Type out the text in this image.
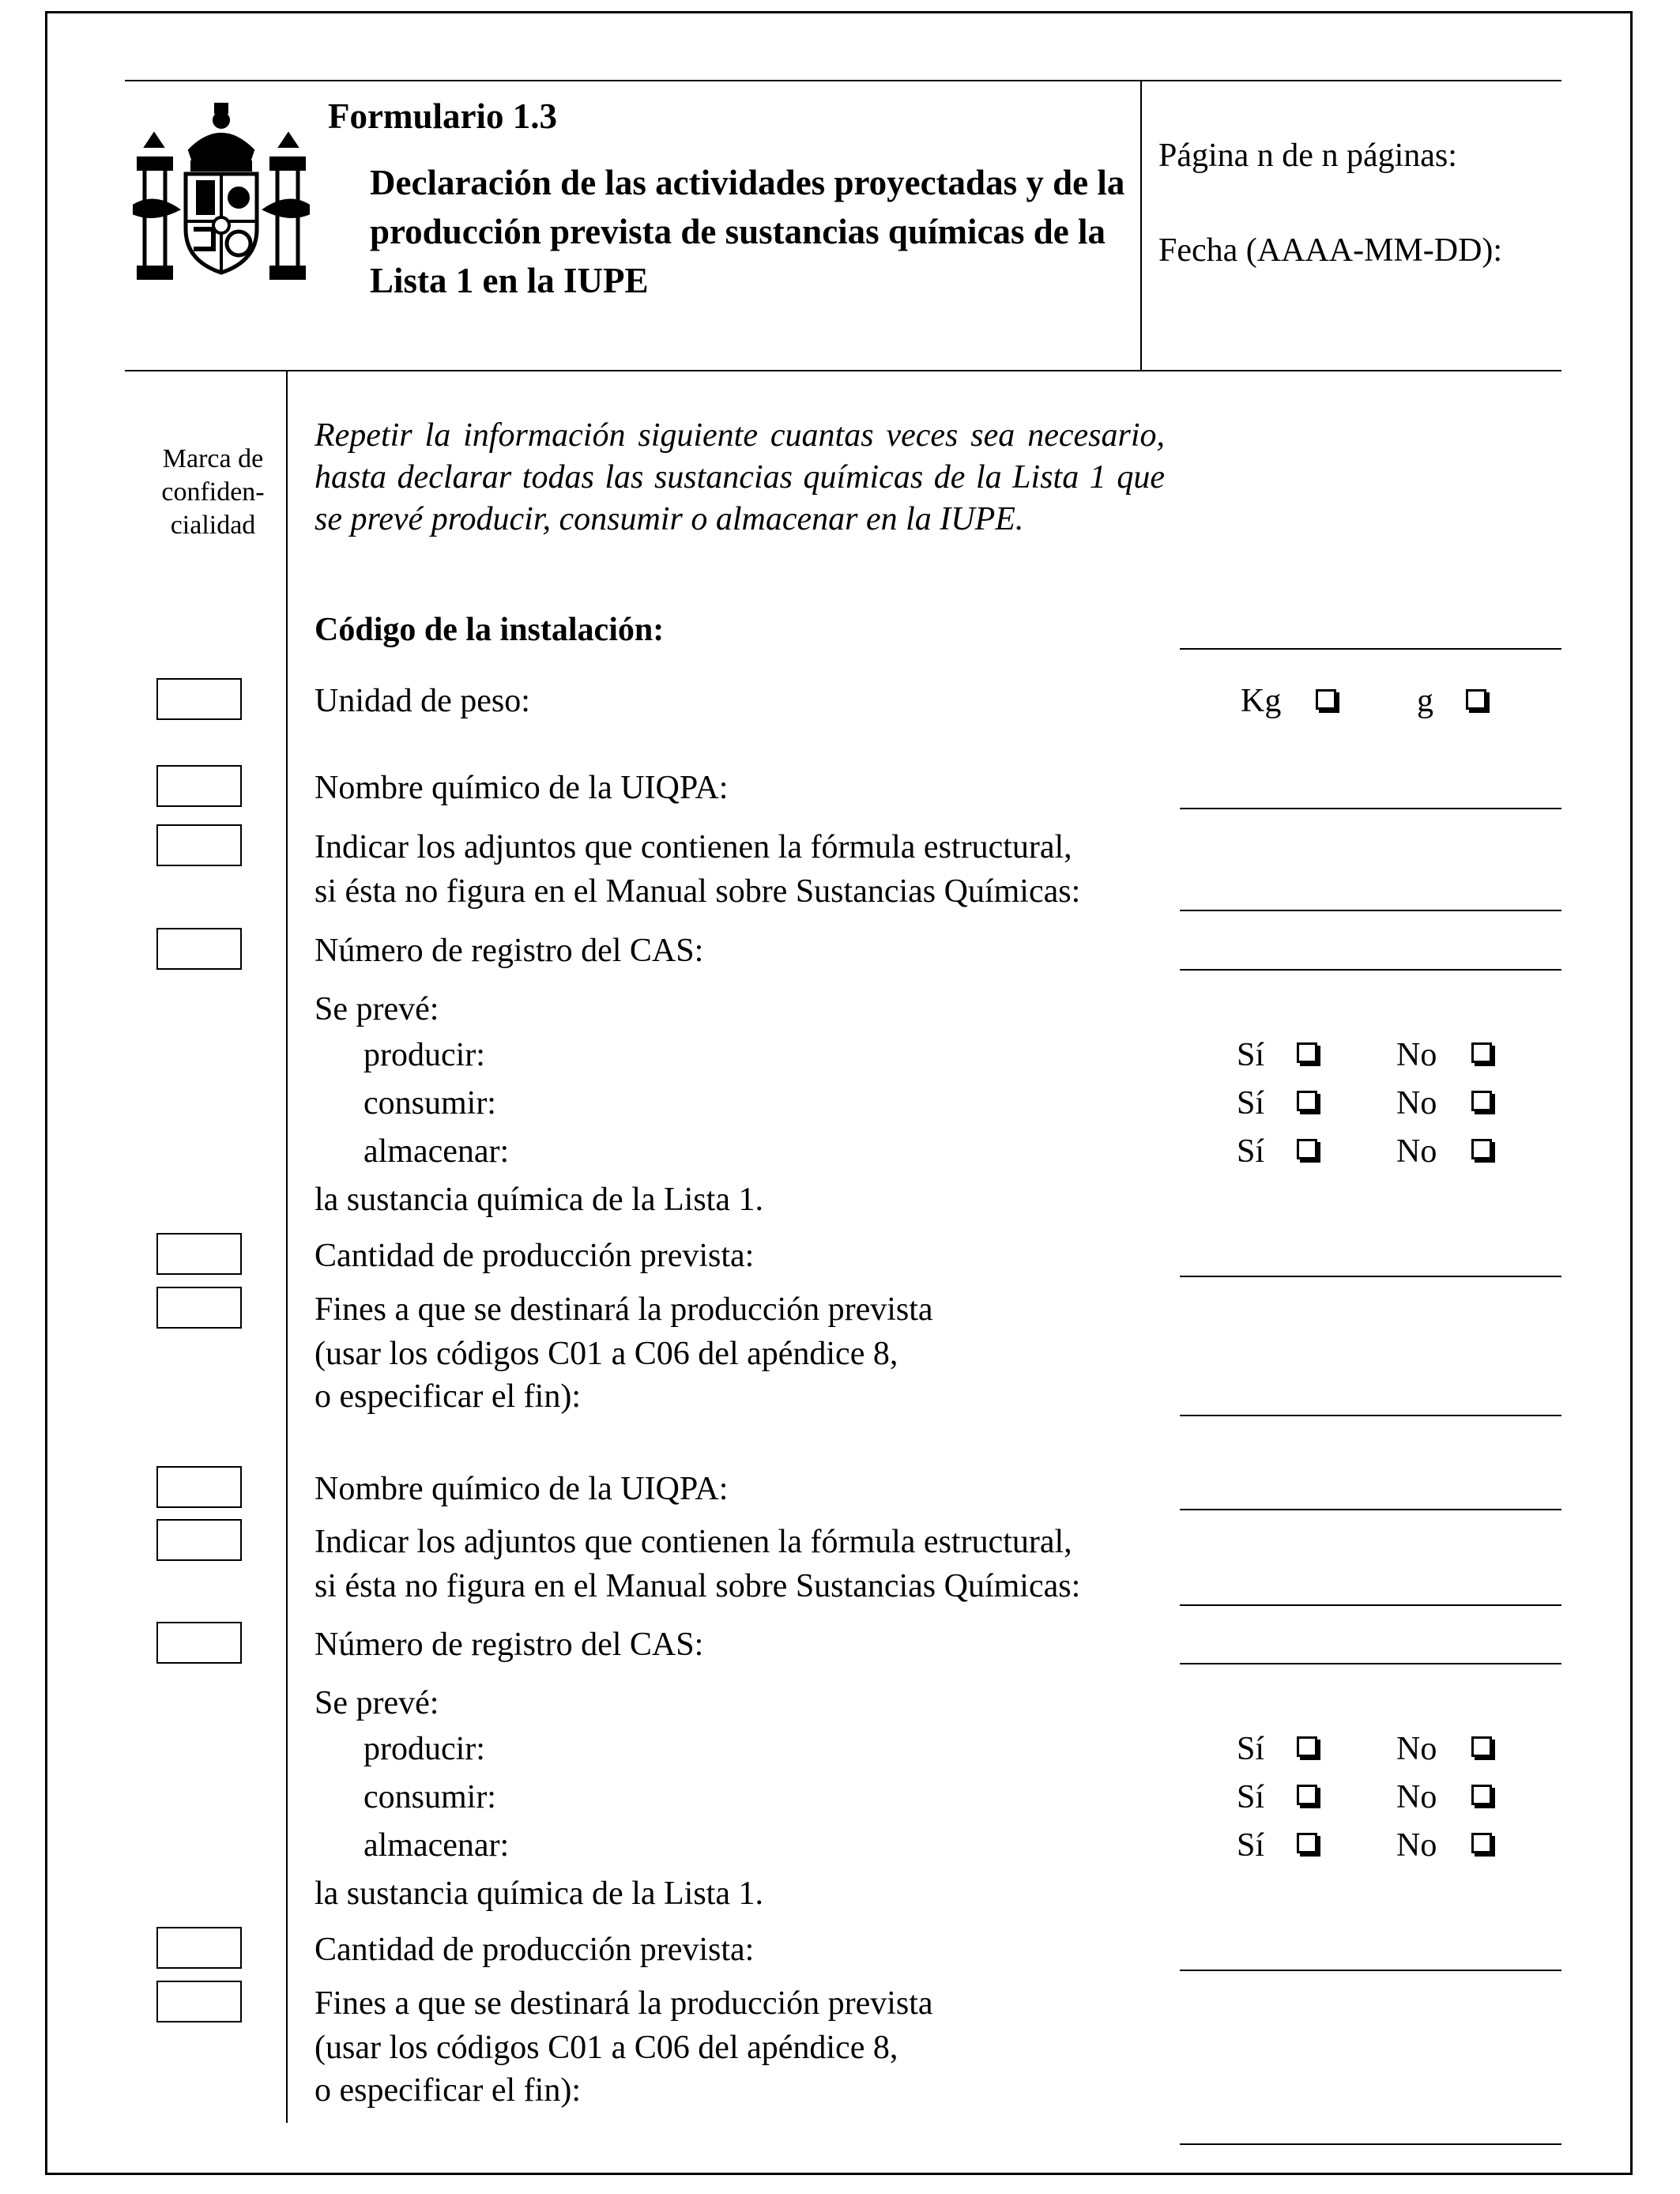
Formulario 1.3
Declaración de las actividades proyectadas y de la producción prevista de sustancias químicas de la Lista 1 en la IUPE
Página n de n páginas:
Fecha (AAAA-MM-DD):
Marca de confiden-cialidad
Repetir la información siguiente cuantas veces sea necesario, hasta declarar todas las sustancias químicas de la Lista 1 que se prevé producir, consumir o almacenar en la IUPE.
Código de la instalación:
Unidad de peso:	Kg	g
Nombre químico de la UIQPA:
Indicar los adjuntos que contienen la fórmula estructural,
si ésta no figura en el Manual sobre Sustancias Químicas:
Número de registro del CAS:
Se prevé:
producir:	Sí	No
consumir:	Sí	No
almacenar:	Sí	No
la sustancia química de la Lista 1.
Cantidad de producción prevista:
Fines a que se destinará la producción prevista
(usar los códigos C01 a C06 del apéndice 8,
o especificar el fin):
Nombre químico de la UIQPA:
Indicar los adjuntos que contienen la fórmula estructural,
si ésta no figura en el Manual sobre Sustancias Químicas:
Número de registro del CAS:
Se prevé:
producir:	Sí	No
consumir:	Sí	No
almacenar:	Sí	No
la sustancia química de la Lista 1.
Cantidad de producción prevista:
Fines a que se destinará la producción prevista
(usar los códigos C01 a C06 del apéndice 8,
o especificar el fin):
